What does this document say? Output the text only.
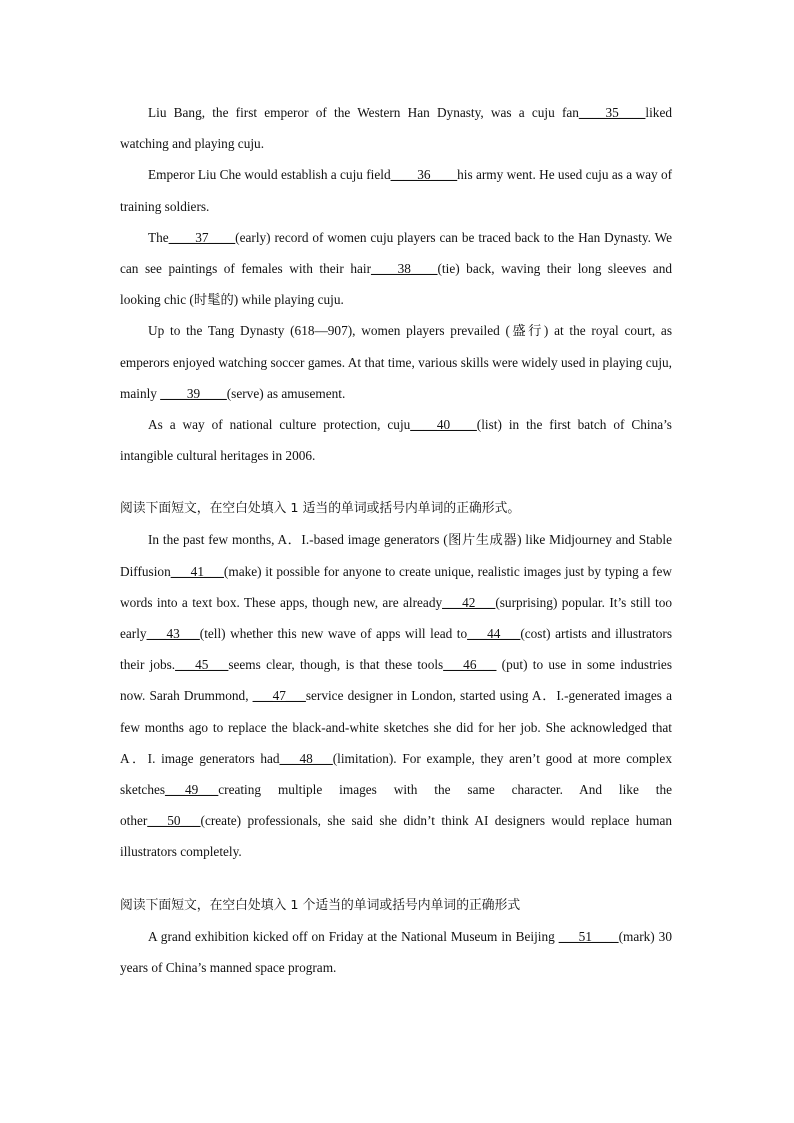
Liu Bang, the first emperor of the Western Han Dynasty, was a cuju fan____35____liked watching and playing cuju.

Emperor Liu Che would establish a cuju field____36____his army went. He used cuju as a way of training soldiers.

The____37____(early) record of women cuju players can be traced back to the Han Dynasty. We can see paintings of females with their hair____38____(tie) back, waving their long sleeves and looking chic (时髦的) while playing cuju.

Up to the Tang Dynasty (618—907), women players prevailed (盛行) at the royal court, as emperors enjoyed watching soccer games. At that time, various skills were widely used in playing cuju, mainly ____39____(serve) as amusement.

As a way of national culture protection, cuju____40____(list) in the first batch of China’s intangible cultural heritages in 2006.

阅读下面短文，在空白处填入 1 适当的单词或括号内单词的正确形式。

In the past few months, A．I.-based image generators (图片生成器) like Midjourney and Stable Diffusion___41___(make) it possible for anyone to create unique, realistic images just by typing a few words into a text box. These apps, though new, are already___42___(surprising) popular. It’s still too early___43___(tell) whether this new wave of apps will lead to___44___(cost) artists and illustrators their jobs.___45___seems clear, though, is that these tools___46___ (put) to use in some industries now. Sarah Drummond, ___47___service designer in London, started using A．I.-generated images a few months ago to replace the black-and-white sketches she did for her job. She acknowledged that A．I. image generators had___48___(limitation). For example, they aren’t good at more complex sketches___49___creating multiple images with the same character. And like the other___50___(create) professionals, she said she didn’t think AI designers would replace human illustrators completely.

阅读下面短文，在空白处填入 1 个适当的单词或括号内单词的正确形式

A grand exhibition kicked off on Friday at the National Museum in Beijing ___51____(mark) 30 years of China’s manned space program.
